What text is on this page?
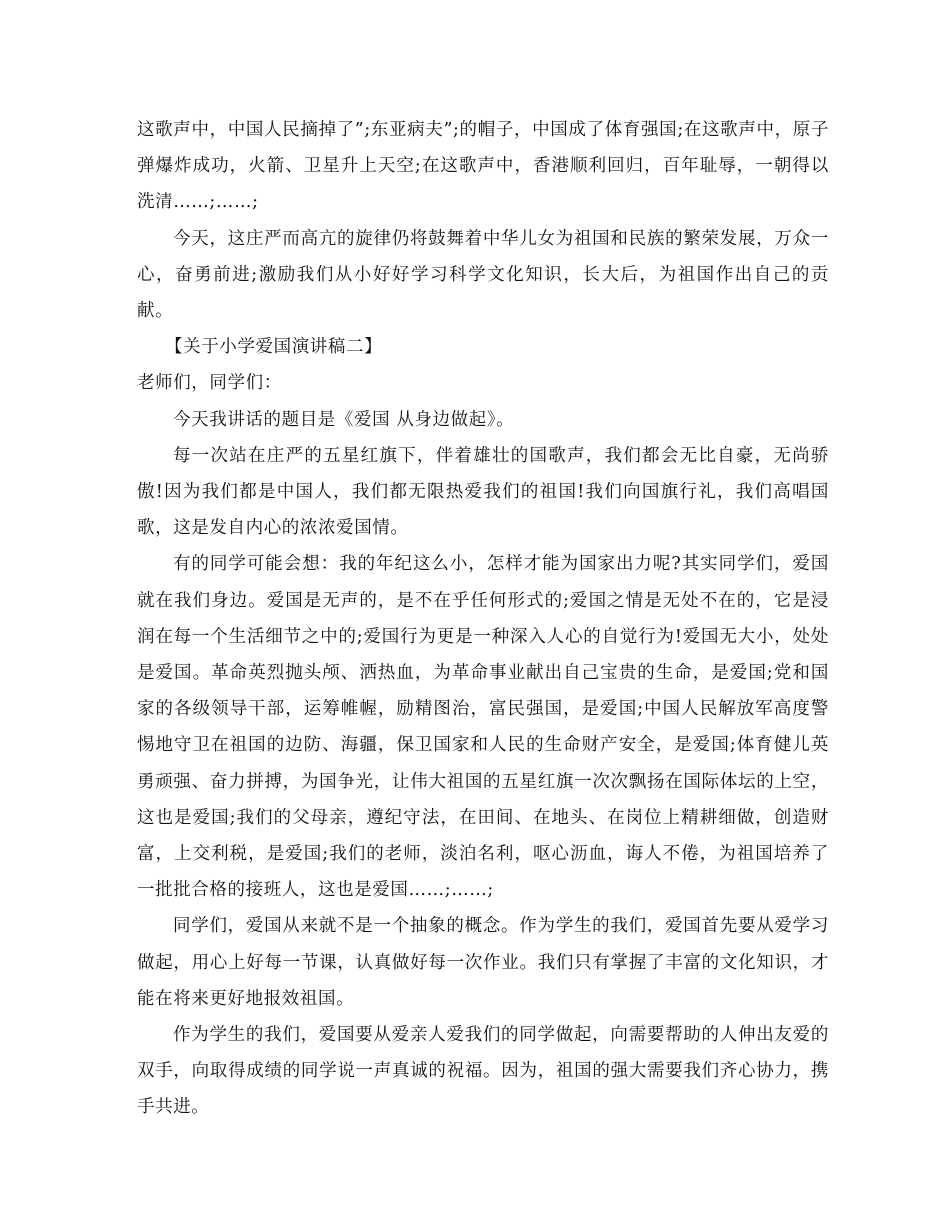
这歌声中，中国人民摘掉了”;东亚病夫”;的帽子，中国成了体育强国;在这歌声中，原子弹爆炸成功，火箭、卫星升上天空;在这歌声中，香港顺利回归，百年耻辱，一朝得以洗清……;……;

今天，这庄严而高亢的旋律仍将鼓舞着中华儿女为祖国和民族的繁荣发展，万众一心，奋勇前进;激励我们从小好好学习科学文化知识，长大后，为祖国作出自己的贡献。

【关于小学爱国演讲稿二】

老师们，同学们：

今天我讲话的题目是《爱国 从身边做起》。

每一次站在庄严的五星红旗下，伴着雄壮的国歌声，我们都会无比自豪，无尚骄傲!因为我们都是中国人，我们都无限热爱我们的祖国!我们向国旗行礼，我们高唱国歌，这是发自内心的浓浓爱国情。

有的同学可能会想：我的年纪这么小，怎样才能为国家出力呢?其实同学们，爱国就在我们身边。爱国是无声的，是不在乎任何形式的;爱国之情是无处不在的，它是浸润在每一个生活细节之中的;爱国行为更是一种深入人心的自觉行为!爱国无大小，处处是爱国。革命英烈抛头颅、洒热血，为革命事业献出自己宝贵的生命，是爱国;党和国家的各级领导干部，运筹帷幄，励精图治，富民强国，是爱国;中国人民解放军高度警惕地守卫在祖国的边防、海疆，保卫国家和人民的生命财产安全，是爱国;体育健儿英勇顽强、奋力拼搏，为国争光，让伟大祖国的五星红旗一次次飘扬在国际体坛的上空，这也是爱国;我们的父母亲，遵纪守法，在田间、在地头、在岗位上精耕细做，创造财富，上交利税，是爱国;我们的老师，淡泊名利，呕心沥血，诲人不倦，为祖国培养了一批批合格的接班人，这也是爱国……;……;

同学们，爱国从来就不是一个抽象的概念。作为学生的我们，爱国首先要从爱学习做起，用心上好每一节课，认真做好每一次作业。我们只有掌握了丰富的文化知识，才能在将来更好地报效祖国。

作为学生的我们，爱国要从爱亲人爱我们的同学做起，向需要帮助的人伸出友爱的双手，向取得成绩的同学说一声真诚的祝福。因为，祖国的强大需要我们齐心协力，携手共进。
